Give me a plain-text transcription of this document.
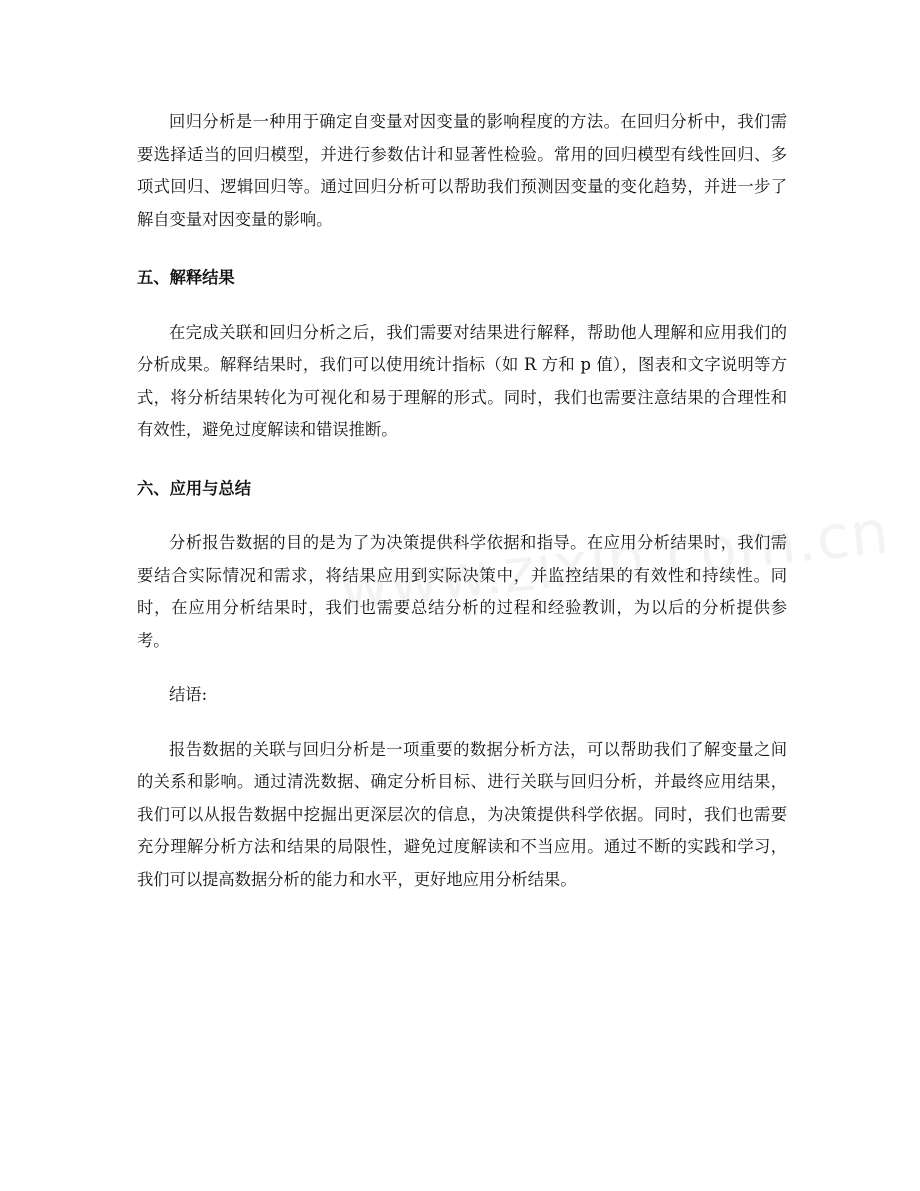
回归分析是一种用于确定自变量对因变量的影响程度的方法。在回归分析中，我们需要选择适当的回归模型，并进行参数估计和显著性检验。常用的回归模型有线性回归、多项式回归、逻辑回归等。通过回归分析可以帮助我们预测因变量的变化趋势，并进一步了解自变量对因变量的影响。

五、解释结果

在完成关联和回归分析之后，我们需要对结果进行解释，帮助他人理解和应用我们的分析成果。解释结果时，我们可以使用统计指标（如 R 方和 p 值），图表和文字说明等方式，将分析结果转化为可视化和易于理解的形式。同时，我们也需要注意结果的合理性和有效性，避免过度解读和错误推断。

六、应用与总结

分析报告数据的目的是为了为决策提供科学依据和指导。在应用分析结果时，我们需要结合实际情况和需求，将结果应用到实际决策中，并监控结果的有效性和持续性。同时，在应用分析结果时，我们也需要总结分析的过程和经验教训，为以后的分析提供参考。

结语:

报告数据的关联与回归分析是一项重要的数据分析方法，可以帮助我们了解变量之间的关系和影响。通过清洗数据、确定分析目标、进行关联与回归分析，并最终应用结果，我们可以从报告数据中挖掘出更深层次的信息，为决策提供科学依据。同时，我们也需要充分理解分析方法和结果的局限性，避免过度解读和不当应用。通过不断的实践和学习，我们可以提高数据分析的能力和水平，更好地应用分析结果。
